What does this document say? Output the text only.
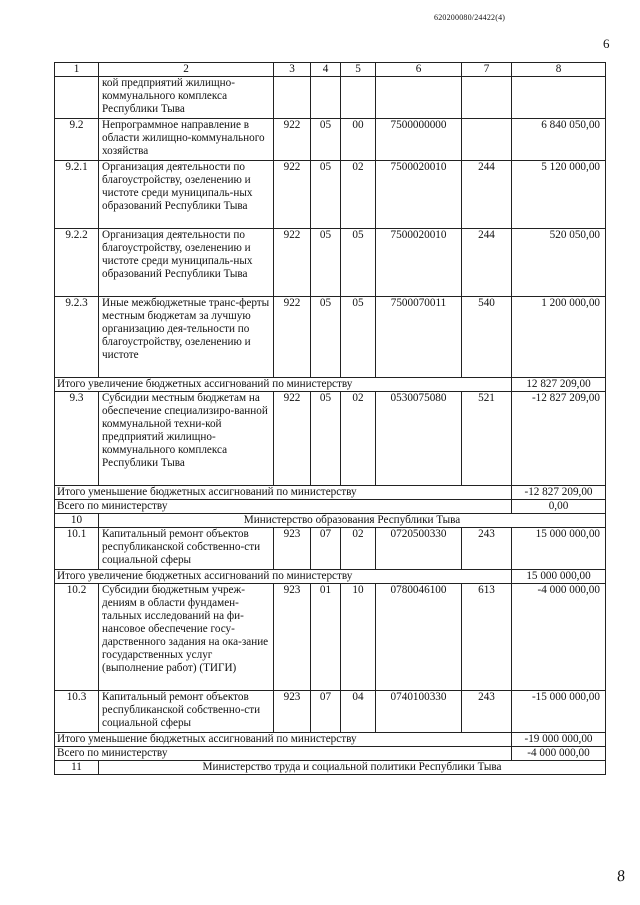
620200080/24422(4)
6
8
1	2	3	4	5	6	7	8
	кой предприятий жилищно-коммунального комплекса Республики Тыва						
9.2	Непрограммное направление в области жилищно-коммунального хозяйства	922	05	00	7500000000		6 840 050,00
9.2.1	Организация деятельности по благоустройству, озеленению и чистоте среди муниципаль-ных образований Республики Тыва	922	05	02	7500020010	244	5 120 000,00
9.2.2	Организация деятельности по благоустройству, озеленению и чистоте среди муниципаль-ных образований Республики Тыва	922	05	05	7500020010	244	520 050,00
9.2.3	Иные межбюджетные транс-ферты местным бюджетам за лучшую организацию дея-тельности по благоустройству, озеленению и чистоте	922	05	05	7500070011	540	1 200 000,00
Итого увеличение бюджетных ассигнований по министерству							12 827 209,00
9.3	Субсидии местным бюджетам на обеспечение специализиро-ванной коммунальной техни-кой предприятий жилищно-коммунального комплекса Республики Тыва	922	05	02	0530075080	521	-12 827 209,00
Итого уменьшение бюджетных ассигнований по министерству							-12 827 209,00
Всего по министерству							0,00
10	Министерство образования Республики Тыва						
10.1	Капитальный ремонт объектов республиканской собственно-сти социальной сферы	923	07	02	0720500330	243	15 000 000,00
Итого увеличение бюджетных ассигнований по министерству							15 000 000,00
10.2	Субсидии бюджетным учреж-дениям в области фундамен-тальных исследований на фи-нансовое обеспечение госу-дарственного задания на ока-зание государственных услуг (выполнение работ) (ТИГИ)	923	01	10	0780046100	613	-4 000 000,00
10.3	Капитальный ремонт объектов республиканской собственно-сти социальной сферы	923	07	04	0740100330	243	-15 000 000,00
Итого уменьшение бюджетных ассигнований по министерству							-19 000 000,00
Всего по министерству							-4 000 000,00
11	Министерство труда и социальной политики Республики Тыва						
